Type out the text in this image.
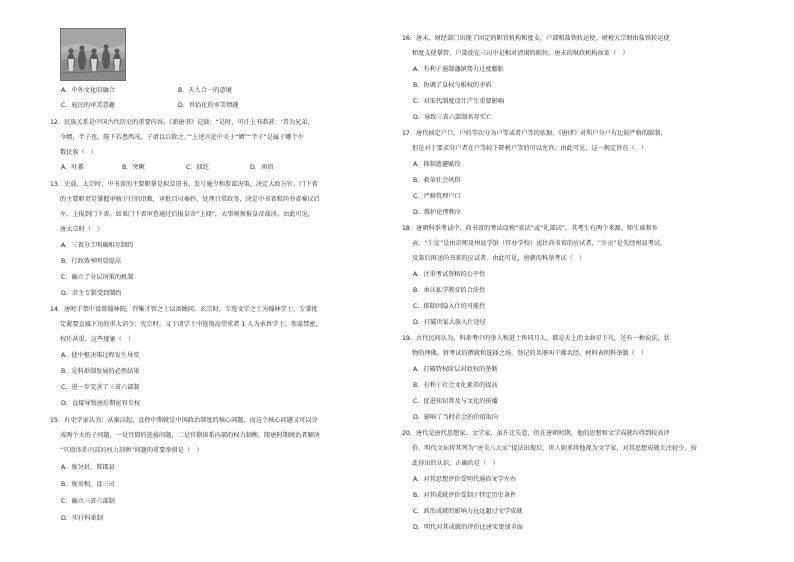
A．中外文化的融合	B．天人合一的意境
C．庖民的审美意趣	D．世俗化的审美情趣
12．民族关系是中国古代历史的重要内容。《新唐书》记载：“是时，可汗上书恭甚：‘昔为兄弟，
今婿，半子也。陛下若患西戎，子请以兵除之。’”上述言论中关于“婿”“半子”是属于哪个少
数民族（　）
A．吐蕃	B．突厥	C．回纥	D．南诏
13．史载，太宗时，中书省的主要职掌是拟草诏书、发号施令和参谋决策，决定大政方针。门下省
的主要职责是掌握审核下行的诏敕，审批百司奏抄，处理日常政务，决定中书省和尚书省奏议后
左，上报到门下省。如果门下省审查通过后报皇帝“上闻”，大事则须报皇帝裁决。由此可见，
唐太宗时（　）
A．三省分工明确相互制约
B．行政效率明显提高
C．确立了分层决策的机制
D．君主专制受到制约
14．唐时于禁中设置翰林院，召集才智之士以备顾问。玄宗时，专选文学之士为翰林学士，专掌批
定紧要直接下达的重大诏令；宪宗时，又于诸学士中选资高望重者 1 人为承旨学士，参谋禁密，
权任甚重。这些现象（　）
A．使中枢决策过程发生异变
B．是科举制发展的必然结果
C．进一步完善了三省六部制
D．直接导致唐后期宦官专权
15．有史学家认为：从秦汉起，直停中期就是中国政治制度的核心问题，而这个核心问题又可以分
成两个大的子问题，一是官僚的选拔问题，二是官僚体系内部的权力制衡。隋唐时期统治者解决
“官僚体系内部的权力制衡”问题的重要举措是（　）
A．废分封，置郡县
B．废丞相，设三司
C．确立三省六部制
D．实行科举制
16．唐末，财经部门出现了固定的职官机构和度支、户部和盐铁转运使。财税大宗财由盐铁转运使
和度支使掌管，户部使在三司中是相对清闲的职位。唐末的财政机构改革（　）
A．有利于遏制藩镇势力过度膨胀
B．协调了皇权与相权的矛盾
C．对宋代制度设计产生重要影响
D．导致三省六部制名存实亡
17．唐代核定户口，户的等次分为户等或者户等的依据，《唐律》对所户分户有比较严格的限制，
但是对于要求分户者在户等较下降税户等的可以允许。由此可见，这一规定旨在（　）
A．抑制逃避赋役
B．救荣社会风俗
C．严格管理户口
D．维护伦理秩序
18．唐朝科举考试中，尚书省的考试设称“省试”或“礼部试”，其考生有两个来源，师生谁和乡
贡。“生徒”是由京师及州县学馆（官办学校）送往尚书省的应试者，“乡贡”是先经州县考试，
及第后再送尚书省的应试者。由此可见，唐朝的科举考试（　）
A．注重考试资格的公平性
B．承认私学教育的合法性
C．排除因隐入仕的可能性
D．打破世家大族入仕途径
19．古代民间认为，科举考中的举人和进士皆同月人，都是天上的文曲星下凡，还有一种说法，状
物的理佛，将考试的撰就和选择之场，登记的名册叫干佛名经。材料表明科举制（　）
A．打破特权阶层对政权的垄断
B．有利于社会文化素养的提高
C．促进知识普及与文化的传播
D．影响了当时社会的价值取向
20．唐代是唐代思想家、文学家，虽升迁失意，但在唐朝时期，他的思想和文学成就均得到较高评
价。明代文坛将其列为“唐宋八大家”提法出现后，世人则多将他视为文学家，对其思想成就关注较少。按
此得出的认识，正确的是（　）
A．对其思想评价受明代通俗文学左右
B．对其成就评价受制于特定历史条件
C．政治成就的影响力远远超过文学成就
D．明代对其成就的评价比唐宋更加全面
